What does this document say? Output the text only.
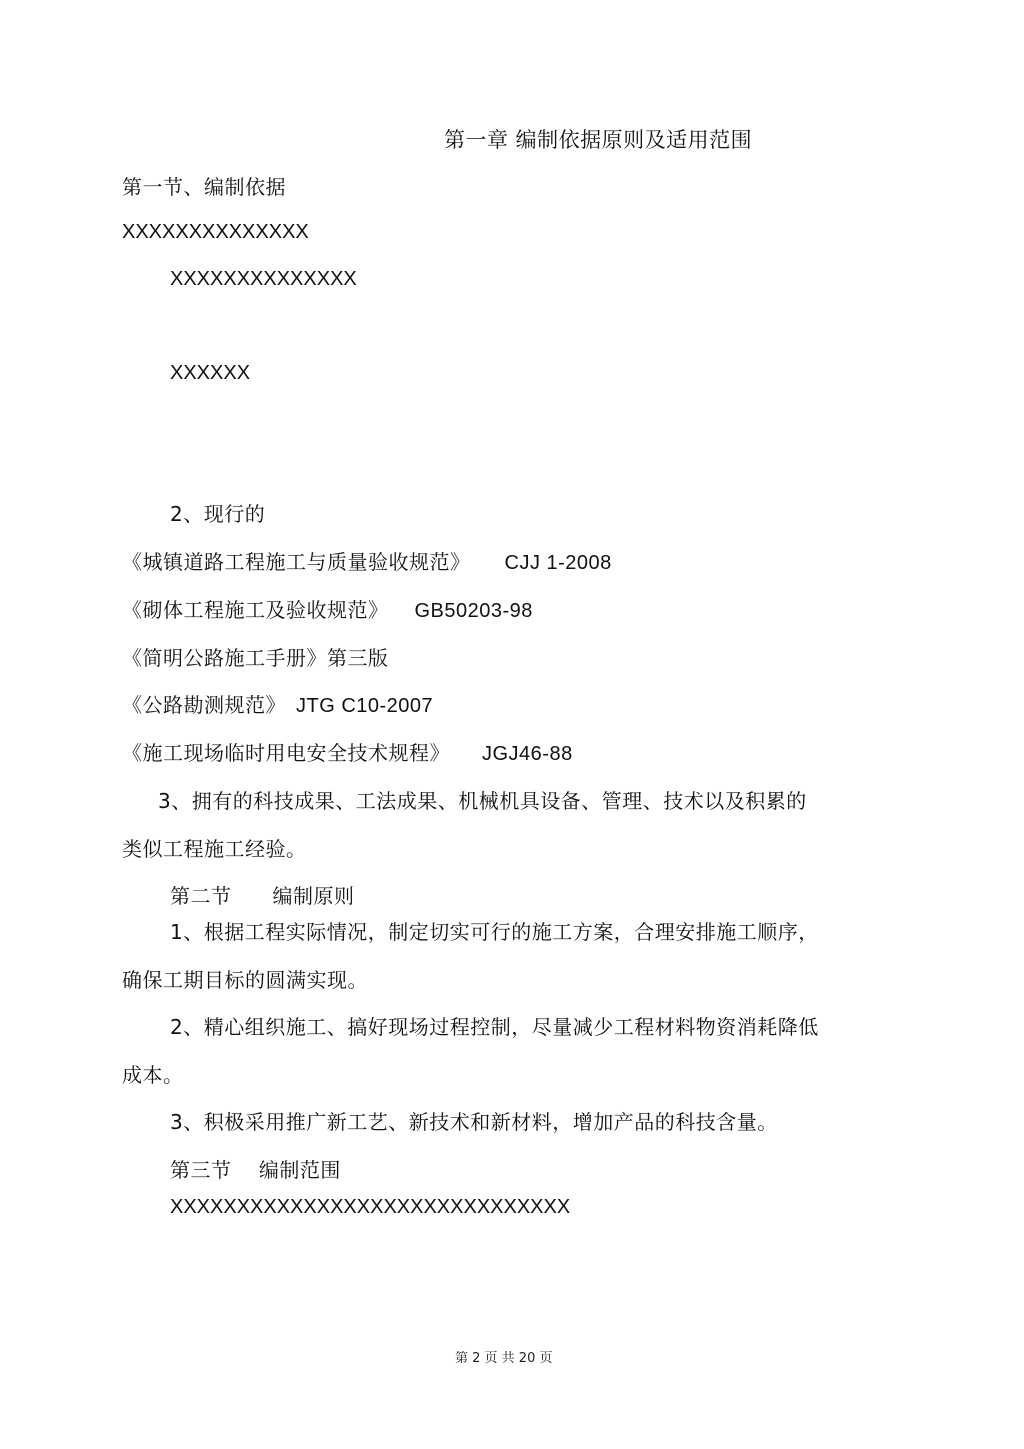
第一章 编制依据原则及适用范围
第一节、编制依据
XXXXXXXXXXXXXX
XXXXXXXXXXXXXX
XXXXXX
2、现行的
《城镇道路工程施工与质量验收规范》 CJJ 1-2008
《砌体工程施工及验收规范》 GB50203-98
《简明公路施工手册》第三版
《公路勘测规范》 JTG C10-2007
《施工现场临时用电安全技术规程》 JGJ46-88
3、拥有的科技成果、工法成果、机械机具设备、管理、技术以及积累的
类似工程施工经验。
第二节　　编制原则
1、根据工程实际情况，制定切实可行的施工方案，合理安排施工顺序，
确保工期目标的圆满实现。
2、精心组织施工、搞好现场过程控制，尽量减少工程材料物资消耗降低
成本。
3、积极采用推广新工艺、新技术和新材料，增加产品的科技含量。
第三节　 编制范围
XXXXXXXXXXXXXXXXXXXXXXXXXXXXXX
第 2 页 共 20 页
